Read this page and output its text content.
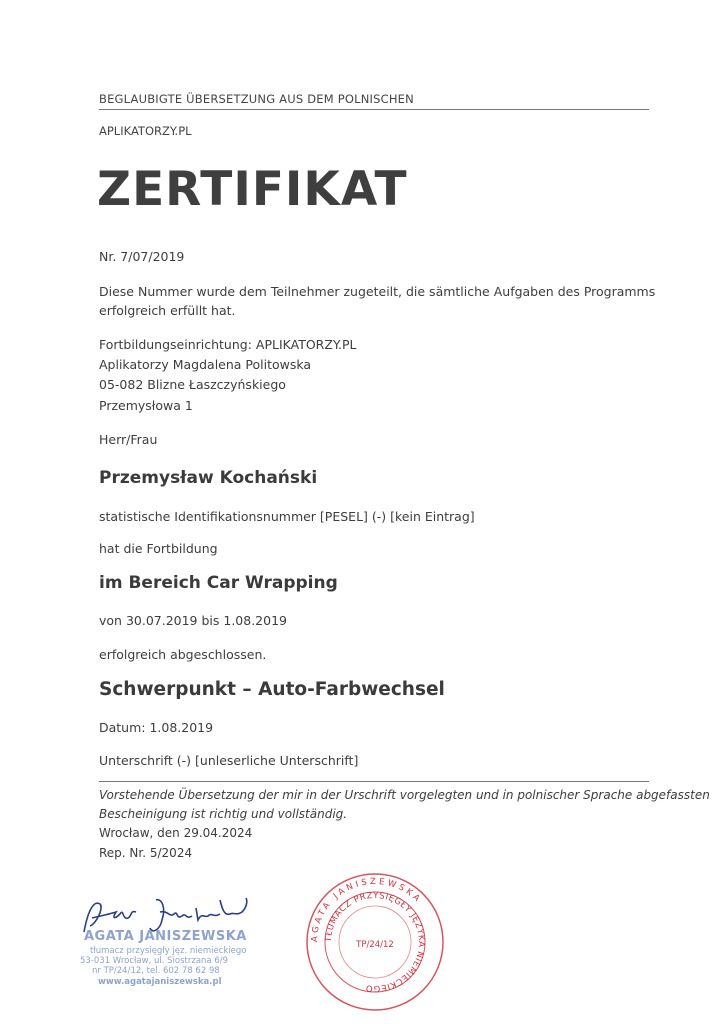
BEGLAUBIGTE ÜBERSETZUNG AUS DEM POLNISCHEN
APLIKATORZY.PL
ZERTIFIKAT
Nr. 7/07/2019
Diese Nummer wurde dem Teilnehmer zugeteilt, die sämtliche Aufgaben des Programms
erfolgreich erfüllt hat.
Fortbildungseinrichtung: APLIKATORZY.PL
Aplikatorzy Magdalena Politowska
05-082 Blizne Łaszczyńskiego
Przemysłowa 1
Herr/Frau
Przemysław Kochański
statistische Identifikationsnummer [PESEL] (-) [kein Eintrag]
hat die Fortbildung
im Bereich Car Wrapping
von 30.07.2019 bis 1.08.2019
erfolgreich abgeschlossen.
Schwerpunkt – Auto-Farbwechsel
Datum: 1.08.2019
Unterschrift (-) [unleserliche Unterschrift]
Vorstehende Übersetzung der mir in der Urschrift vorgelegten und in polnischer Sprache abgefassten
Bescheinigung ist richtig und vollständig.
Wrocław, den 29.04.2024
Rep. Nr. 5/2024
AGATA JANISZEWSKA
tłumacz przysięgły jęz. niemieckiego
53-031 Wrocław, ul. Siostrzana 6/9
nr TP/24/12, tel. 602 78 62 98
www.agatajaniszewska.pl
AGATA JANISZEWSKA
TŁUMACZ PRZYSIĘGŁY JĘZYKA NIEMIECKIEGO
TP/24/12
